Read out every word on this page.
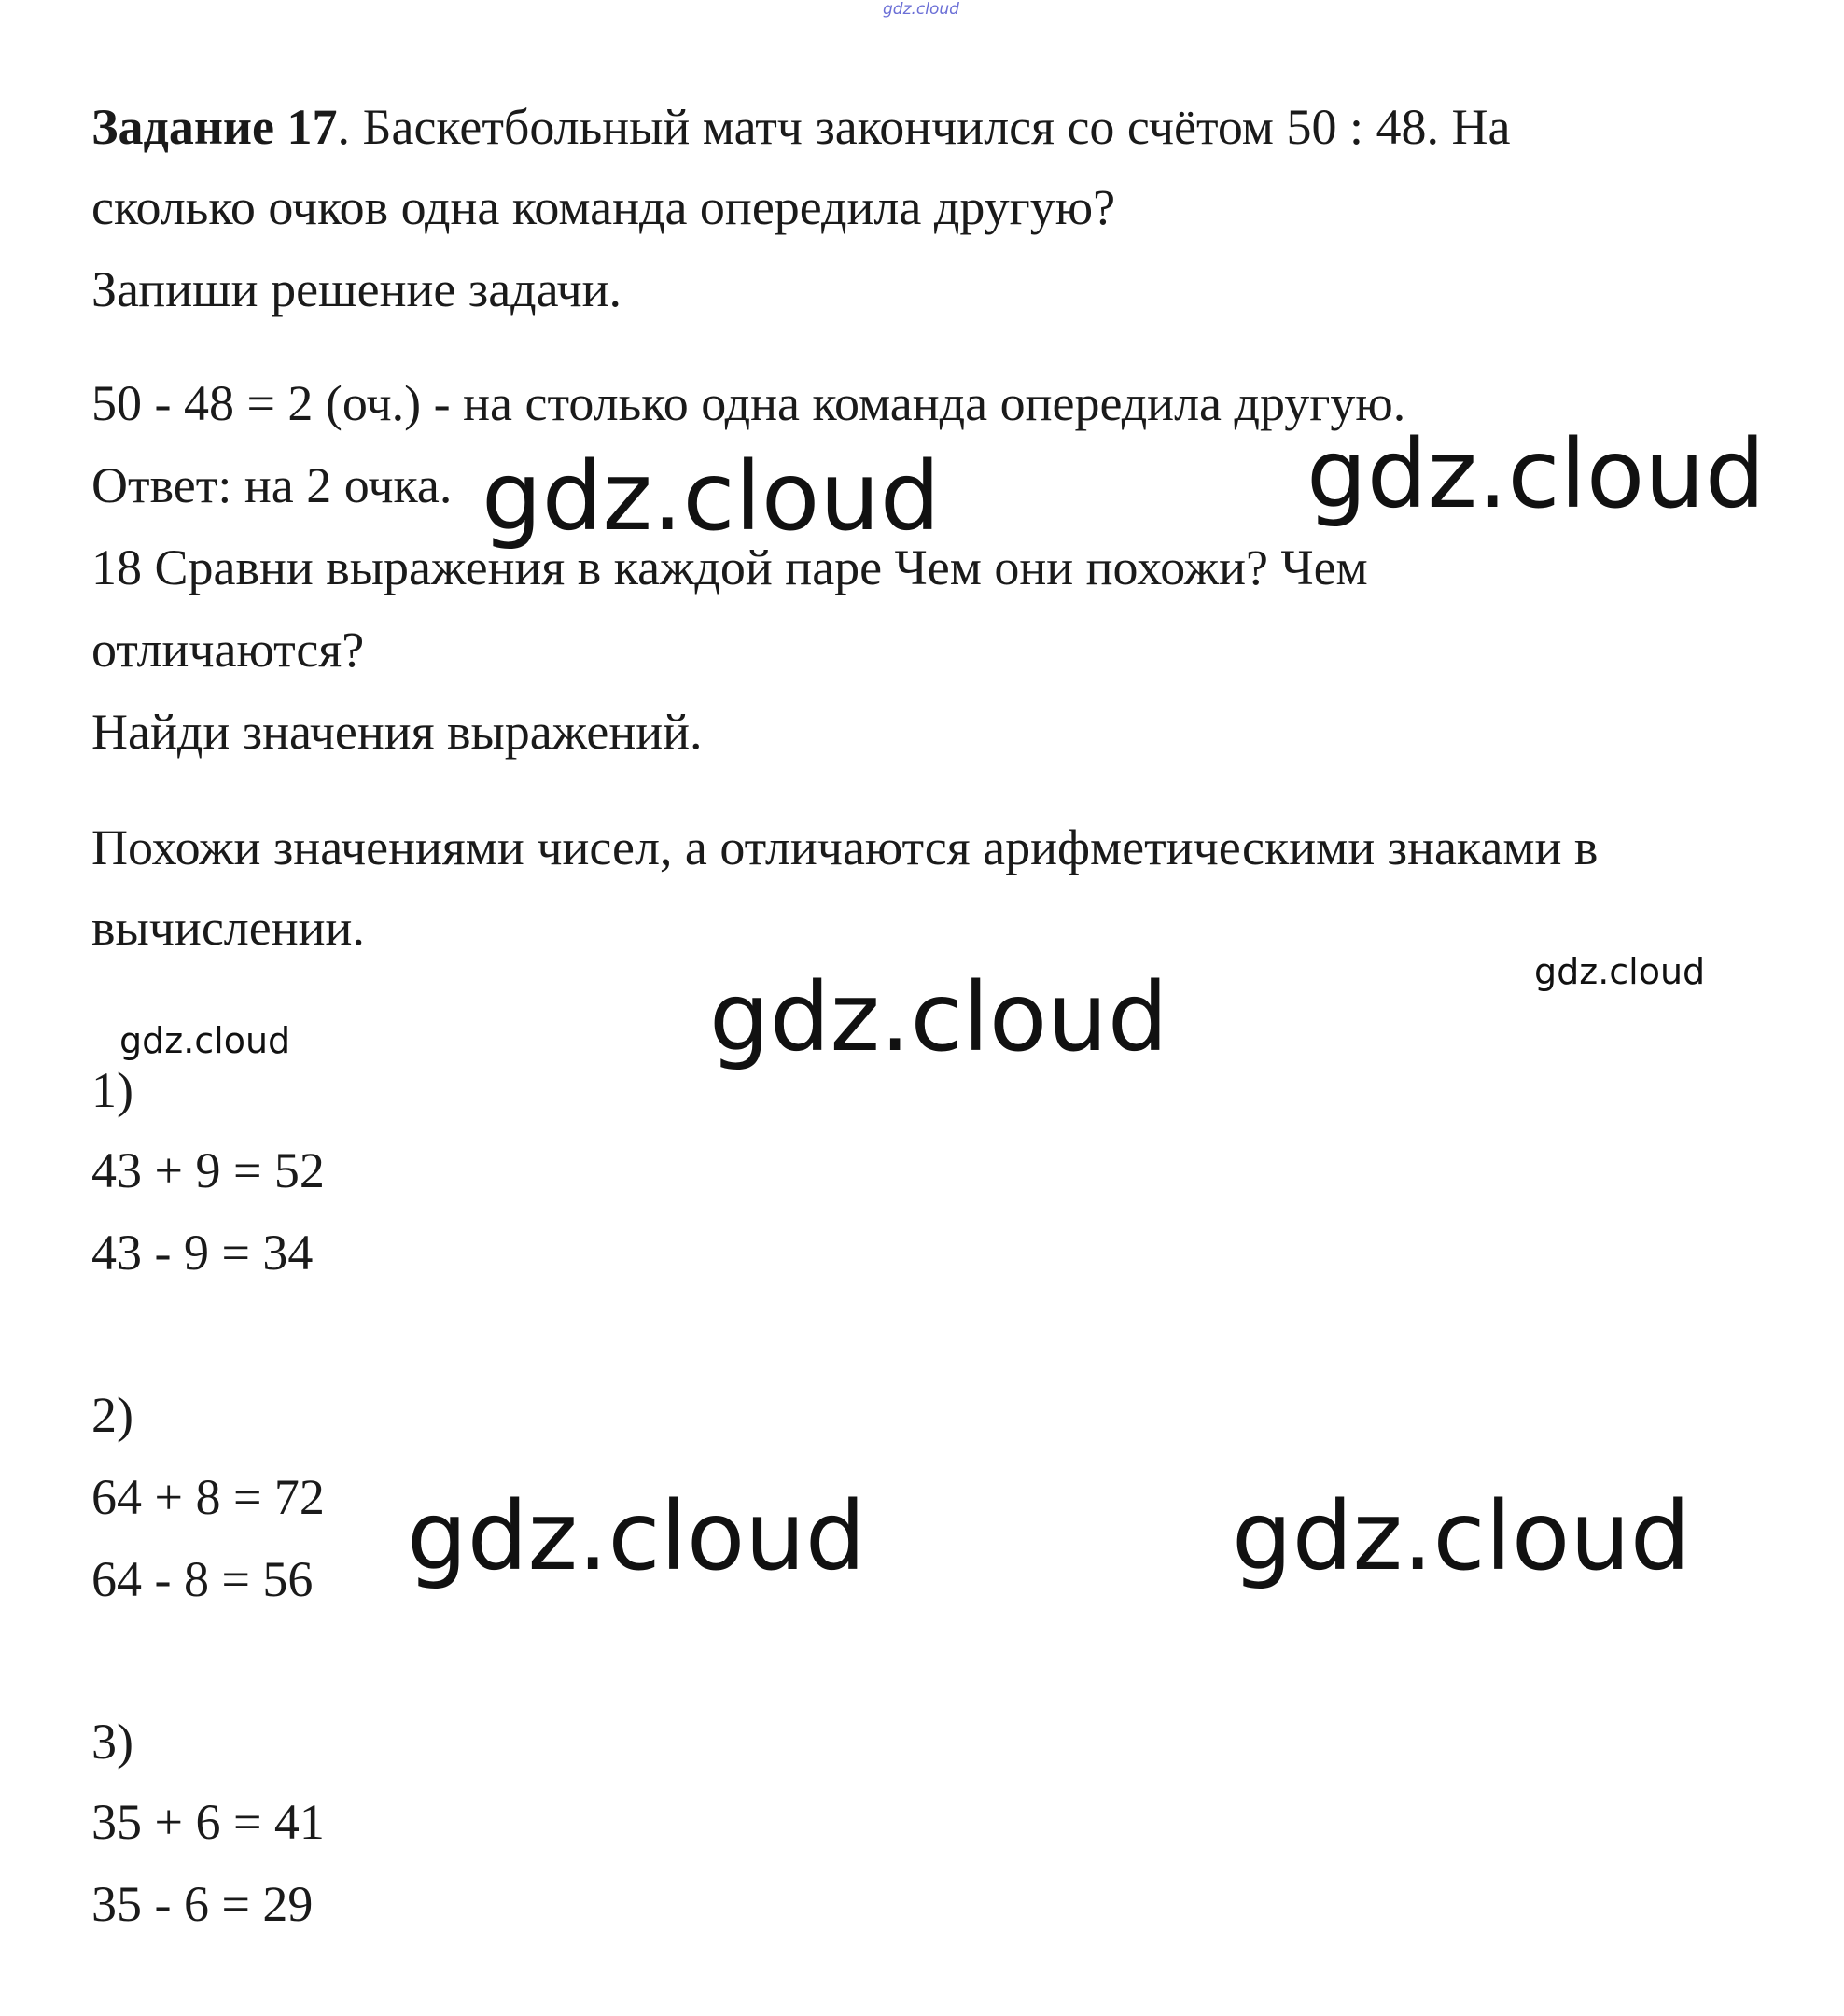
gdz.cloud

Задание 17. Баскетбольный матч закончился со счётом 50 : 48. На

сколько очков одна команда опередила другую?

Запиши решение задачи.

50 - 48 = 2 (оч.) - на столько одна команда опередила другую.

Ответ: на 2 очка.

18 Сравни выражения в каждой паре Чем они похожи? Чем

отличаются?

Найди значения выражений.

Похожи значениями чисел, а отличаются арифметическими знаками в

вычислении.

1)

43 + 9 = 52

43 - 9 = 34

2)

64 + 8 = 72

64 - 8 = 56

3)

35 + 6 = 41

35 - 6 = 29

gdz.cloud	gdz.cloud
gdz.cloud
gdz.cloud
gdz.cloud
gdz.cloud	gdz.cloud
